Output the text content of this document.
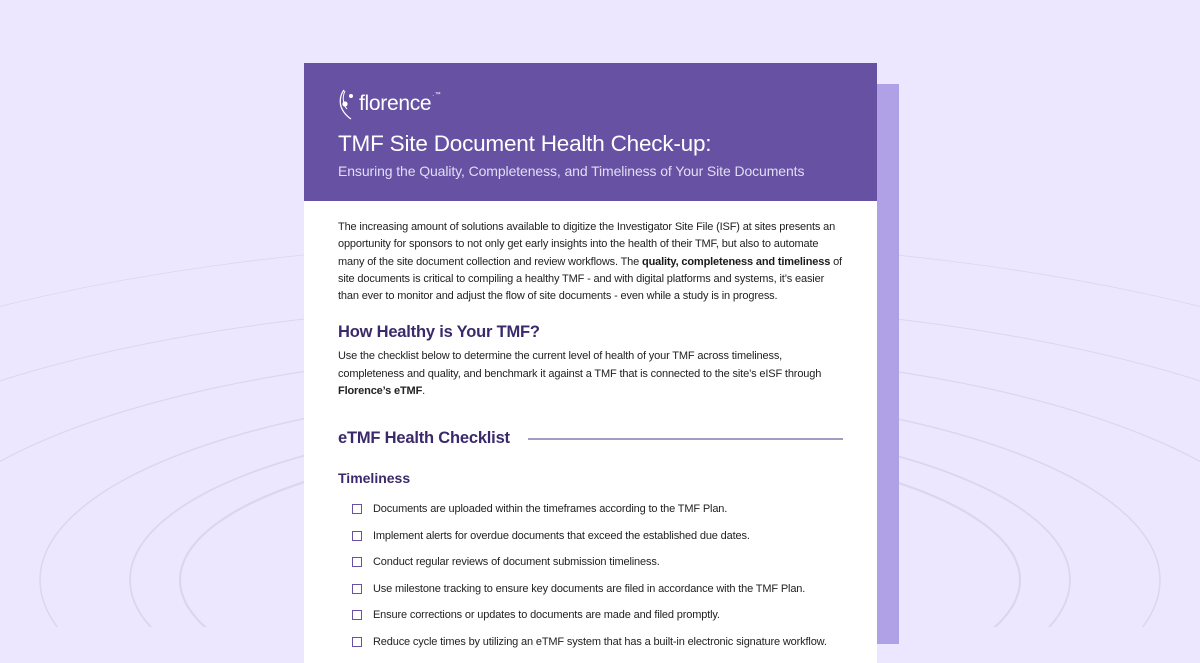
florence.™
TMF Site Document Health Check-up:
Ensuring the Quality, Completeness, and Timeliness of Your Site Documents

The increasing amount of solutions available to digitize the Investigator Site File (ISF) at sites presents an opportunity for sponsors to not only get early insights into the health of their TMF, but also to automate many of the site document collection and review workflows. The quality, completeness and timeliness of site documents is critical to compiling a healthy TMF - and with digital platforms and systems, it’s easier than ever to monitor and adjust the flow of site documents - even while a study is in progress.

How Healthy is Your TMF?

Use the checklist below to determine the current level of health of your TMF across timeliness, completeness and quality, and benchmark it against a TMF that is connected to the site’s eISF through Florence’s eTMF.

eTMF Health Checklist
Timeliness
Documents are uploaded within the timeframes according to the TMF Plan.
Implement alerts for overdue documents that exceed the established due dates.
Conduct regular reviews of document submission timeliness.
Use milestone tracking to ensure key documents are filed in accordance with the TMF Plan.
Ensure corrections or updates to documents are made and filed promptly.
Reduce cycle times by utilizing an eTMF system that has a built-in electronic signature workflow.
